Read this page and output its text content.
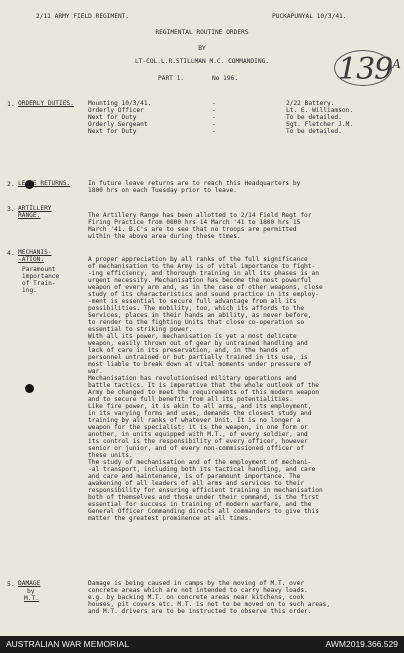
2/11 ARMY FIELD REGIMENT.	PUCKAPUNYAL 10/3/41.
REGIMENTAL ROUTINE ORDERS
BY
LT-COL.L.R.STILLMAN M.C. COMMANDING.
PART 1.	No 196.	$139^A$
1. ORDERLY DUTIES.	Mounting 10/3/41.	-	2/22 Battery.
Orderly Officer	-	Lt. E. Williamson.
Next for Duty	-	To be detailed.
Orderly Sergeant	-	Sgt. Fletcher J.M.
Next for Duty	-	To be detailed.
2. LEAVE RETURNS.	In future leave returns are to reach this Headquarters by
1800 hrs on each Tuesday prior to leave.
3. ARTILLERY
RANGE.	The Artillery Range has been allotted to 2/14 Field Regt for
Firing Practice from 0800 hrs 14 March '41 to 1800 hrs 15
March '41. B.C's are to see that no troops are permitted
within the above area during these times.
4. MECHANIS-
-ATION.
Paramount
importance
of Train-
ing.
A proper appreciation by all ranks of the full significance
of mechanisation to the Army is of vital importance to fight-
-ing efficiency, and thorough training in all its phases is an
urgent necessity. Mechanisation has become the most powerful
weapon of every arm and, as in the case of other weapons, close
study of its characteristics and sound practice in its employ-
-ment is essential to secure full advantage from all its
possibilities. The mobility, too, which its affords to the
Services, places in their hands an ability, as never before,
to render to the fighting Units that close co-operation so
essential to striking power.
With all its power, mechanisation is yet a most delicate
weapon, easily thrown out of gear by untrained handling and
lack of care in its preservation, and, in the hands of
personnel untrained or but partially trained in its use, is
most liable to break down at vital moments under pressure of
war.
Mechanisation has revolutionised military operations and
battle tactics. It is imperative that the whole outlook of the
Army be changed to meet the requirements of this modern weapon
and to secure full benefit from all its potentialities.
Like fire power, it is akin to all arms, and its employment,
in its varying forms and uses, demands the closest study and
training by all ranks of whatever Unit. It is no longer a
weapon for the specialist; it is the weapon, in one form or
another, in units equipped with M.T., of every soldier, and
its control is the responsibility of every officer, however
senior or junior, and of every non-commissioned officer of
these units.
The study of mechanisation and of the employment of mechani-
-al transport, including both its tactical handling, and care
and care and maintenance, is of paramount importance. The
awakening of all leaders of all arms and services to their
responsibility for ensuring efficient training in mechanisation
both of themselves and those under their command, is the first
essential for success in training of modern warfare, and the
General Officer Commanding directs all commanders to give this
matter the greatest prominence at all times.
5. DAMAGE
by
M.T.
Damage is being caused in camps by the moving of M.T. over
concrete areas which are not intended to carry heavy loads.
e.g. by backing M.T. on concrete areas near kitchens, cook
houses, pit covers etc. M.T. is not to be moved on to such areas,
and M.T. drivers are to be instructed to observe this order.
AUSTRALIAN WAR MEMORIAL	AWM2019.366.529
